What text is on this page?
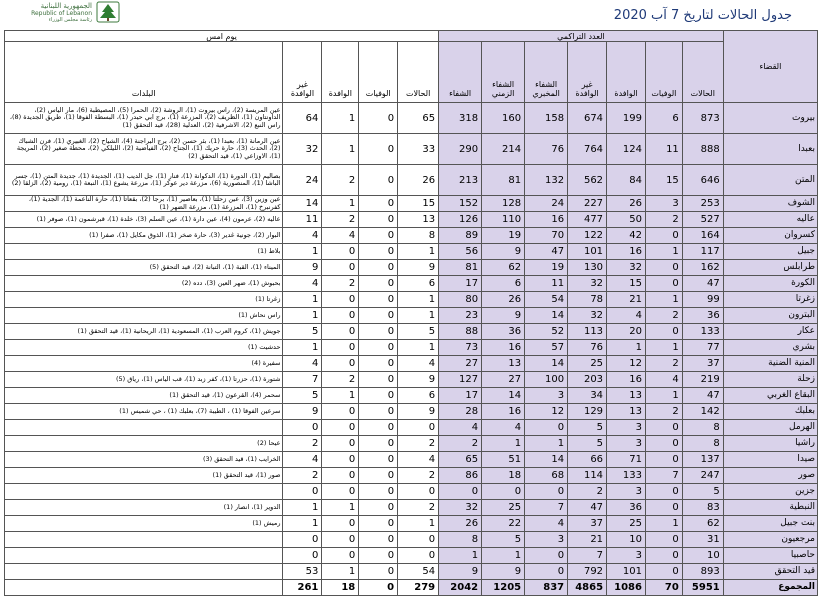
الجمهورية اللبنانية
Republic of Lebanon
رئاسة مجلس الوزراء	جدول الحالات لتاريخ 7 آب 2020
يوم امس					العدد التراكمي							القضاء
البلدات	غير الوافدة	الوافدة	الوفيات	الحالات	الشفاء	الشفاء الزمني	الشفاء المخبري	غير الوافدة	الوافدة	الوفيات	الحالات	
عين المريسة (2)، راس بيروت (1)، الروشة (2)، الحمرا (5)، المصيطبة (6)، مار الياس (2)، الداونتاون (1)، الظريف (2)، المزرعة (1)، برج ابي حيدر (1)، البسطة الفوقا (1)، طريق الجديدة (8)، راس النبع (2)، الاشرفية (2)، العدلية (28)، قيد التحقق (1)	64	1	0	65	318	160	158	674	199	6	873	بيروت
عين الرمانة (1)، بعبدا (1)، بئر حسن (2)، برج البراجنة (4)، الشياح (2)، الغبيري (1)، فرن الشباك (2)، الحدث (3)، حارة حريك (1)، الجناح (2)، الفياضية (2)، الليلكي (2)، محطة صغير (2)، المريجة (1)، الاوزاعي (1)، قيد التحقق (2)	32	1	0	33	290	214	76	764	124	11	888	بعبدا
بصاليم (1)، الدورة (1)، الدكوانة (1)، فنار (1)، جل الديب (1)، الجديدة (1)، جديدة المتن (1)، جسر الباشا (1)، المنصورية (6)، مزرعة دير عوكر (1)، مزرعة يشوع (1)، النبعة (1)، رومية (2)، الزلقا (2)	24	2	0	26	213	81	132	562	84	15	646	المتن
عين وزين (3)، عين زحلتا (1)، بعاصير (1)، برجا (2)، بقعاتا (1)، حارة الناعمة (1)، الجدية (1)، كفرنبرخ (1)، المزرعة (1)، مزرعة الضهر (1)	14	1	0	15	152	128	24	227	26	3	253	الشوف
عاليه (2)، عرمون (4)، عين دارة (1)، عين السلم (3)، خلدة (1)، قبرشمون (1)، صوفر (1)	11	2	0	13	126	110	16	477	50	2	527	عاليه
البوار (2)، جونية غدير (3)، حارة صخر (1)، الذوق مكايل (1)، صفرا (1)	4	4	0	8	89	19	70	122	42	0	164	كسروان
بلاط (1)	1	0	0	1	56	9	47	101	16	1	117	جبيل
الميناء (1)، القبة (1)، التبانة (2)، قيد التحقق (5)	9	0	0	9	81	62	19	130	32	0	162	طرابلس
بحبوش (1)، ضهر العين (3)، دده (2)	4	2	0	6	17	6	11	32	15	0	47	الكورة
زغرتا (1)	1	0	0	1	80	26	54	78	21	1	99	زغرتا
راس نحاش (1)	1	0	0	1	23	9	14	32	4	2	36	البترون
جويش (1)، كروم العرب (1)، المسعودية (1)، الريحانية (1)، قيد التحقق (1)	5	0	0	5	88	36	52	113	20	0	133	عكار
حدشيت (1)	1	0	0	1	73	16	57	76	1	1	77	بشري
سفيرة (4)	4	0	0	4	27	13	14	25	12	2	37	المنية الضنية
شتورة (1)، حزرتا (1)، كفر زبد (1)، قب الياس (1)، رياق (5)	7	2	0	9	127	27	100	203	16	4	219	زحلة
سحمر (4)، القرعون (1)، قيد التحقق (1)	5	1	0	6	17	14	3	34	13	1	47	البقاع الغربي
سرعين الفوقا (1) ، الطيبة (7)، بعلبك (1) ، حي شميس (1)	9	0	0	9	28	16	12	129	13	2	142	بعلبك
	0	0	0	0	4	4	0	5	3	0	8	الهرمل
عيحا (2)	2	0	0	2	2	1	1	5	3	0	8	راشيا
الخرايب (1)، قيد التحقق (3)	4	0	0	4	65	51	14	66	71	0	137	صيدا
صور (1)، قيد التحقق (1)	2	0	0	2	86	18	68	114	133	7	247	صور
	0	0	0	0	0	0	0	2	3	0	5	جزين
الدوير (1)، انصار (1)	1	1	0	2	32	25	7	47	36	0	83	النبطية
رميش (1)	1	0	0	1	26	22	4	37	25	1	62	بنت جبيل
	0	0	0	0	8	5	3	21	10	0	31	مرجعيون
	0	0	0	0	1	1	0	7	3	0	10	حاصبيا
	53	1	0	54	9	9	0	792	101	0	893	قيد التحقق
	261	18	0	279	2042	1205	837	4865	1086	70	5951	المجموع
